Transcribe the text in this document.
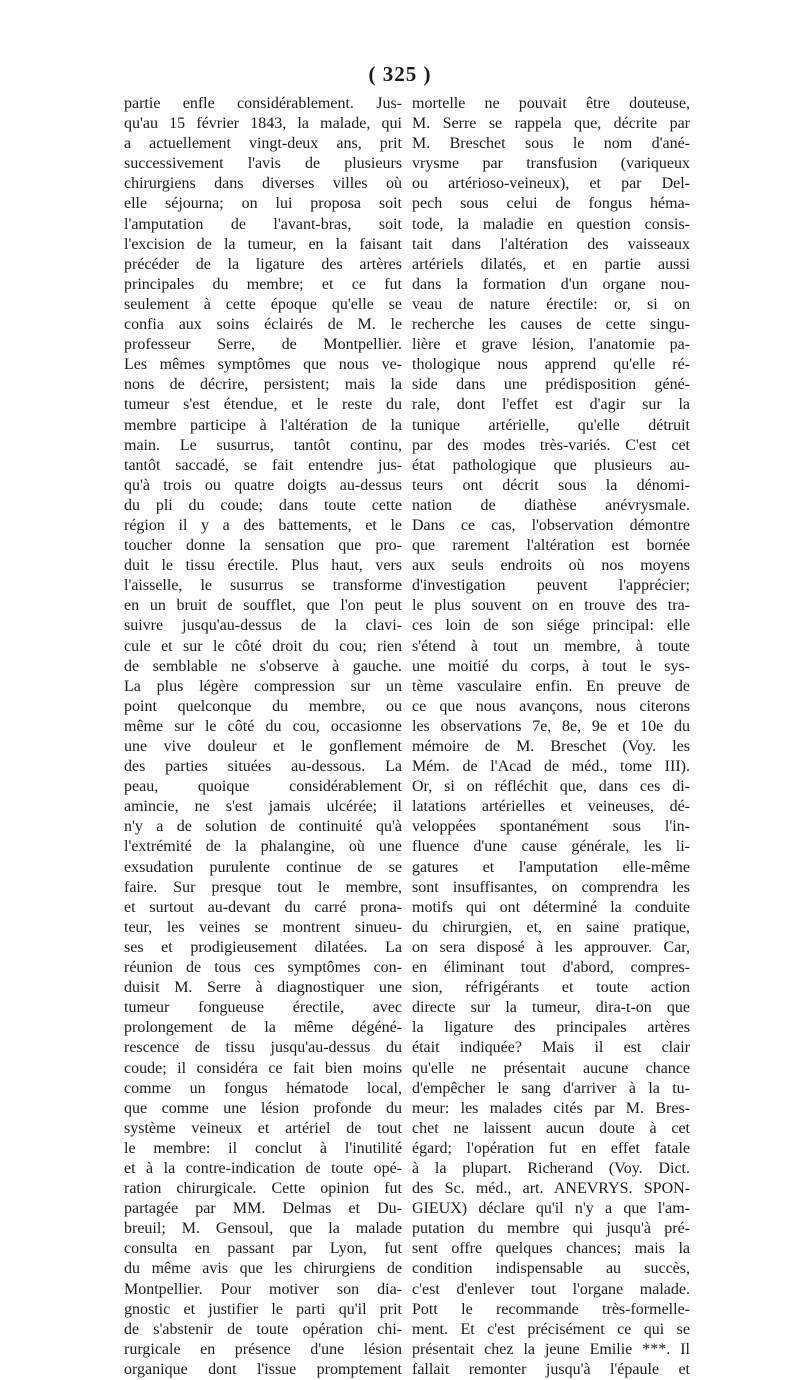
( 325 )
partie enfle considérablement. Jus-
qu'au 15 février 1843, la malade, qui
a actuellement vingt-deux ans, prit
successivement l'avis de plusieurs
chirurgiens dans diverses villes où
elle séjourna; on lui proposa soit
l'amputation de l'avant-bras, soit
l'excision de la tumeur, en la faisant
précéder de la ligature des artères
principales du membre; et ce fut
seulement à cette époque qu'elle se
confia aux soins éclairés de M. le
professeur Serre, de Montpellier.
Les mêmes symptômes que nous ve-
nons de décrire, persistent; mais la
tumeur s'est étendue, et le reste du
membre participe à l'altération de la
main. Le susurrus, tantôt continu,
tantôt saccadé, se fait entendre jus-
qu'à trois ou quatre doigts au-dessus
du pli du coude; dans toute cette
région il y a des battements, et le
toucher donne la sensation que pro-
duit le tissu érectile. Plus haut, vers
l'aisselle, le susurrus se transforme
en un bruit de soufflet, que l'on peut
suivre jusqu'au-dessus de la clavi-
cule et sur le côté droit du cou; rien
de semblable ne s'observe à gauche.
La plus légère compression sur un
point quelconque du membre, ou
même sur le côté du cou, occasionne
une vive douleur et le gonflement
des parties situées au-dessous. La
peau, quoique considérablement
amincie, ne s'est jamais ulcérée; il
n'y a de solution de continuité qu'à
l'extrémité de la phalangine, où une
exsudation purulente continue de se
faire. Sur presque tout le membre,
et surtout au-devant du carré prona-
teur, les veines se montrent sinueu-
ses et prodigieusement dilatées. La
réunion de tous ces symptômes con-
duisit M. Serre à diagnostiquer une
tumeur fongueuse érectile, avec
prolongement de la même dégéné-
rescence de tissu jusqu'au-dessus du
coude; il considéra ce fait bien moins
comme un fongus hématode local,
que comme une lésion profonde du
système veineux et artériel de tout
le membre: il conclut à l'inutilité
et à la contre-indication de toute opé-
ration chirurgicale. Cette opinion fut
partagée par MM. Delmas et Du-
breuil; M. Gensoul, que la malade
consulta en passant par Lyon, fut
du même avis que les chirurgiens de
Montpellier. Pour motiver son dia-
gnostic et justifier le parti qu'il prit
de s'abstenir de toute opération chi-
rurgicale en présence d'une lésion
organique dont l'issue promptement
mortelle ne pouvait être douteuse,
M. Serre se rappela que, décrite par
M. Breschet sous le nom d'ané-
vrysme par transfusion (variqueux
ou artérioso-veineux), et par Del-
pech sous celui de fongus héma-
tode, la maladie en question consis-
tait dans l'altération des vaisseaux
artériels dilatés, et en partie aussi
dans la formation d'un organe nou-
veau de nature érectile: or, si on
recherche les causes de cette singu-
lière et grave lésion, l'anatomie pa-
thologique nous apprend qu'elle ré-
side dans une prédisposition géné-
rale, dont l'effet est d'agir sur la
tunique artérielle, qu'elle détruit
par des modes très-variés. C'est cet
état pathologique que plusieurs au-
teurs ont décrit sous la dénomi-
nation de diathèse anévrysmale.
Dans ce cas, l'observation démontre
que rarement l'altération est bornée
aux seuls endroits où nos moyens
d'investigation peuvent l'apprécier;
le plus souvent on en trouve des tra-
ces loin de son siége principal: elle
s'étend à tout un membre, à toute
une moitié du corps, à tout le sys-
tème vasculaire enfin. En preuve de
ce que nous avançons, nous citerons
les observations 7e, 8e, 9e et 10e du
mémoire de M. Breschet (Voy. les
Mém. de l'Acad de méd., tome III).
Or, si on réfléchit que, dans ces di-
latations artérielles et veineuses, dé-
veloppées spontanément sous l'in-
fluence d'une cause générale, les li-
gatures et l'amputation elle-même
sont insuffisantes, on comprendra les
motifs qui ont déterminé la conduite
du chirurgien, et, en saine pratique,
on sera disposé à les approuver. Car,
en éliminant tout d'abord, compres-
sion, réfrigérants et toute action
directe sur la tumeur, dira-t-on que
la ligature des principales artères
était indiquée? Mais il est clair
qu'elle ne présentait aucune chance
d'empêcher le sang d'arriver à la tu-
meur: les malades cités par M. Bres-
chet ne laissent aucun doute à cet
égard; l'opération fut en effet fatale
à la plupart. Richerand (Voy. Dict.
des Sc. méd., art. ANEVRYS. SPON-
GIEUX) déclare qu'il n'y a que l'am-
putation du membre qui jusqu'à pré-
sent offre quelques chances; mais la
condition indispensable au succès,
c'est d'enlever tout l'organe malade.
Pott le recommande très-formelle-
ment. Et c'est précisément ce qui se
présentait chez la jeune Emilie ***. Il
fallait remonter jusqu'à l'épaule et
